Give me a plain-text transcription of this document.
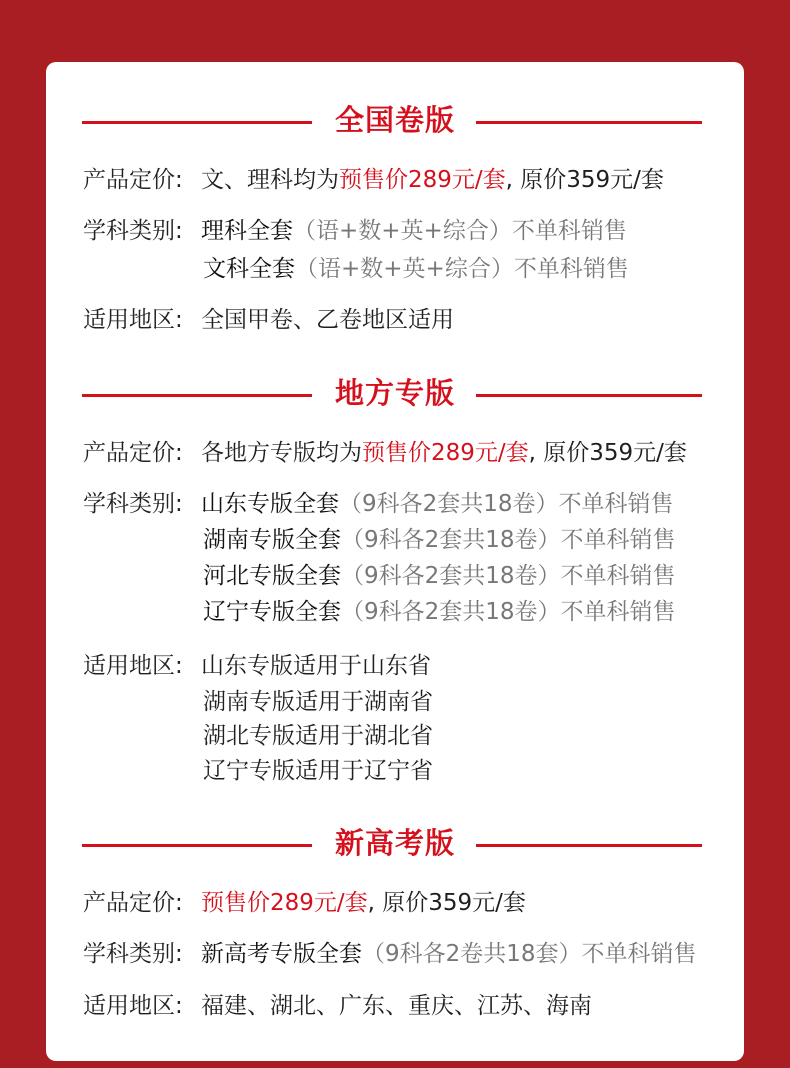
全国卷版
产品定价: 文、理科均为预售价289元/套, 原价359元/套
学科类别: 理科全套（语+数+英+综合）不单科销售
文科全套（语+数+英+综合）不单科销售
适用地区: 全国甲卷、乙卷地区适用
地方专版
产品定价: 各地方专版均为预售价289元/套, 原价359元/套
学科类别: 山东专版全套（9科各2套共18卷）不单科销售
湖南专版全套（9科各2套共18卷）不单科销售
河北专版全套（9科各2套共18卷）不单科销售
辽宁专版全套（9科各2套共18卷）不单科销售
适用地区: 山东专版适用于山东省
湖南专版适用于湖南省
湖北专版适用于湖北省
辽宁专版适用于辽宁省
新高考版
产品定价: 预售价289元/套, 原价359元/套
学科类别: 新高考专版全套（9科各2卷共18套）不单科销售
适用地区: 福建、湖北、广东、重庆、江苏、海南
